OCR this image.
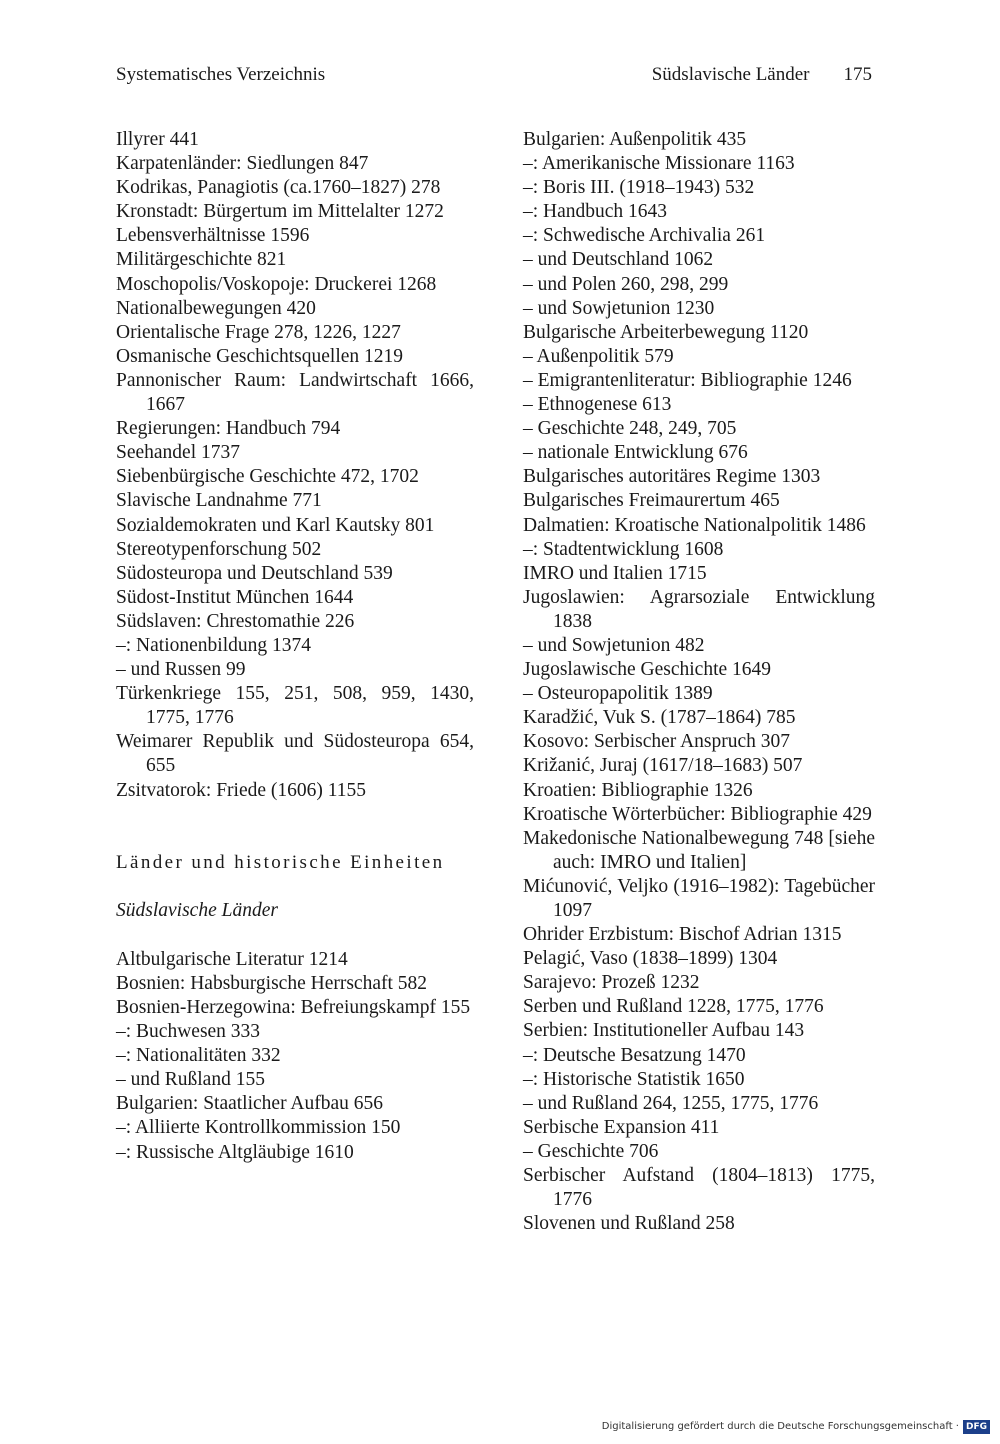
Systematisches Verzeichnis	Südslavische Länder 175
Illyrer 441
Karpatenländer: Siedlungen 847
Kodrikas, Panagiotis (ca.1760–1827) 278
Kronstadt: Bürgertum im Mittelalter 1272
Lebensverhältnisse 1596
Militärgeschichte 821
Moschopolis/Voskopoje: Druckerei 1268
Nationalbewegungen 420
Orientalische Frage 278, 1226, 1227
Osmanische Geschichtsquellen 1219
Pannonischer Raum: Landwirtschaft 1666, 1667
Regierungen: Handbuch 794
Seehandel 1737
Siebenbürgische Geschichte 472, 1702
Slavische Landnahme 771
Sozialdemokraten und Karl Kautsky 801
Stereotypenforschung 502
Südosteuropa und Deutschland 539
Südost-Institut München 1644
Südslaven: Chrestomathie 226
–: Nationenbildung 1374
– und Russen 99
Türkenkriege 155, 251, 508, 959, 1430, 1775, 1776
Weimarer Republik und Südosteuropa 654, 655
Zsitvatorok: Friede (1606) 1155
Länder und historische Einheiten
Südslavische Länder
Altbulgarische Literatur 1214
Bosnien: Habsburgische Herrschaft 582
Bosnien-Herzegowina: Befreiungskampf 155
–: Buchwesen 333
–: Nationalitäten 332
– und Rußland 155
Bulgarien: Staatlicher Aufbau 656
–: Alliierte Kontrollkommission 150
–: Russische Altgläubige 1610
Bulgarien: Außenpolitik 435
–: Amerikanische Missionare 1163
–: Boris III. (1918–1943) 532
–: Handbuch 1643
–: Schwedische Archivalia 261
– und Deutschland 1062
– und Polen 260, 298, 299
– und Sowjetunion 1230
Bulgarische Arbeiterbewegung 1120
– Außenpolitik 579
– Emigrantenliteratur: Bibliographie 1246
– Ethnogenese 613
– Geschichte 248, 249, 705
– nationale Entwicklung 676
Bulgarisches autoritäres Regime 1303
Bulgarisches Freimaurertum 465
Dalmatien: Kroatische Nationalpolitik 1486
–: Stadtentwicklung 1608
IMRO und Italien 1715
Jugoslawien: Agrarsoziale Entwicklung 1838
– und Sowjetunion 482
Jugoslawische Geschichte 1649
– Osteuropapolitik 1389
Karadžić, Vuk S. (1787–1864) 785
Kosovo: Serbischer Anspruch 307
Križanić, Juraj (1617/18–1683) 507
Kroatien: Bibliographie 1326
Kroatische Wörterbücher: Bibliographie 429
Makedonische Nationalbewegung 748 [siehe auch: IMRO und Italien]
Mićunović, Veljko (1916–1982): Tagebücher 1097
Ohrider Erzbistum: Bischof Adrian 1315
Pelagić, Vaso (1838–1899) 1304
Sarajevo: Prozeß 1232
Serben und Rußland 1228, 1775, 1776
Serbien: Institutioneller Aufbau 143
–: Deutsche Besatzung 1470
–: Historische Statistik 1650
– und Rußland 264, 1255, 1775, 1776
Serbische Expansion 411
– Geschichte 706
Serbischer Aufstand (1804–1813) 1775, 1776
Slovenen und Rußland 258
Digitalisierung gefördert durch die Deutsche Forschungsgemeinschaft · DFG
